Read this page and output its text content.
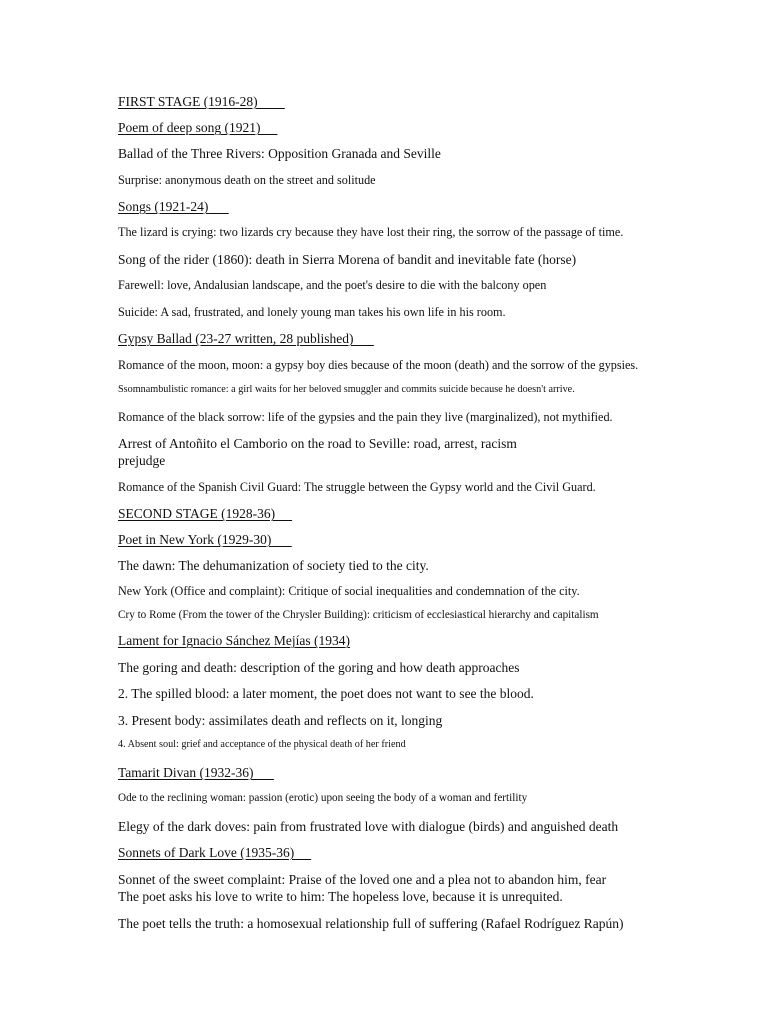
FIRST STAGE (1916-28)
Poem of deep song (1921)
Ballad of the Three Rivers: Opposition Granada and Seville
Surprise: anonymous death on the street and solitude
Songs (1921-24)
The lizard is crying: two lizards cry because they have lost their ring, the sorrow of the passage of time.
Song of the rider (1860): death in Sierra Morena of bandit and inevitable fate (horse)
Farewell: love, Andalusian landscape, and the poet's desire to die with the balcony open
Suicide: A sad, frustrated, and lonely young man takes his own life in his room.
Gypsy Ballad (23-27 written, 28 published)
Romance of the moon, moon: a gypsy boy dies because of the moon (death) and the sorrow of the gypsies.
Ssomnambulistic romance: a girl waits for her beloved smuggler and commits suicide because he doesn't arrive.
Romance of the black sorrow: life of the gypsies and the pain they live (marginalized), not mythified.
Arrest of Antoñito el Camborio on the road to Seville: road, arrest, racism
prejudge
Romance of the Spanish Civil Guard: The struggle between the Gypsy world and the Civil Guard.
SECOND STAGE (1928-36)
Poet in New York (1929-30)
The dawn: The dehumanization of society tied to the city.
New York (Office and complaint): Critique of social inequalities and condemnation of the city.
Cry to Rome (From the tower of the Chrysler Building): criticism of ecclesiastical hierarchy and capitalism
Lament for Ignacio Sánchez Mejías (1934)
The goring and death: description of the goring and how death approaches
2. The spilled blood: a later moment, the poet does not want to see the blood.
3. Present body: assimilates death and reflects on it, longing
4. Absent soul: grief and acceptance of the physical death of her friend
Tamarit Divan (1932-36)
Ode to the reclining woman: passion (erotic) upon seeing the body of a woman and fertility
Elegy of the dark doves: pain from frustrated love with dialogue (birds) and anguished death
Sonnets of Dark Love (1935-36)
Sonnet of the sweet complaint: Praise of the loved one and a plea not to abandon him, fear
The poet asks his love to write to him: The hopeless love, because it is unrequited.
The poet tells the truth: a homosexual relationship full of suffering (Rafael Rodríguez Rapún)
